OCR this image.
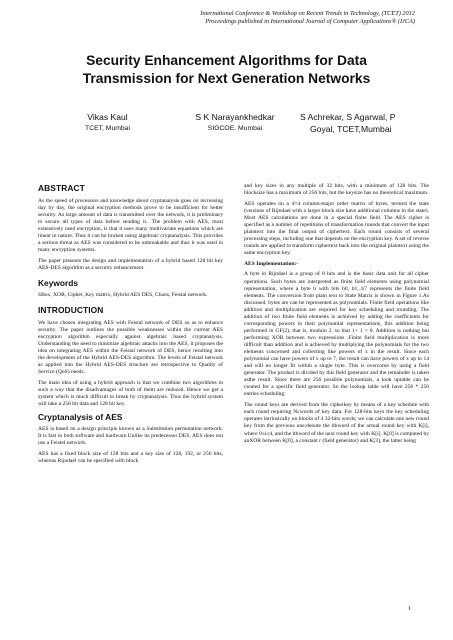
International Conference & Workshop on Recent Trends in Technology, (TCET) 2012
Proceedings published in International Journal of Computer Applications® (IJCA)
Security Enhancement Algorithms for Data
Transmission for Next Generation Networks
Vikas Kaul
TCET, Mumbai
S K Narayankhedkar
SIGCOE. Mumbai
S Achrekar, S Agarwal, P
Goyal, TCET,Mumbai
ABSTRACT

As the speed of processors and knowledge about cryptanalysis goes on increasing day by day, the original encryption methods prove to be insufficient for better security. As large amount of data is transmitted over the network, it is preliminary to secure all types of data before sending it.. The problem with AES, most extensively used encryption, is that it uses many multivariate equations which are linear in nature. Thus it can be broken using algebraic cryptanalysis. This provides a serious threat as AES was considered to be unbreakable and thus it was used in many encryption systems.

The paper presents the design and implementation of a hybrid based 128 bit key AES-DES algorithm as a security enhancement.

Keywords

SBox, XOR, Cipher, Key matrix, Hybrid AES DES, Chaos, Feistal network.

INTRODUCTION

We have chosen integrating AES with Feistal network of DES so as to enhance security. The paper outlines the possible weaknesses within the current AES encryption algorithm especially against algebraic based cryptanalysis. Understanding the need to minimize algebraic attacks into the AES, it proposes the idea on integrating AES within the Feistal network of DES, hence resulting into the development of the Hybrid AES-DES algorithm. The levels of Feistal network as applied into the Hybrid AES-DES structure are retrospective to Quality of Service (QoS) needs.

The main idea of using a hybrid approach is that we combine two algorithms in such a way that the disadvantages of both of them are reduced. Hence we get a system which is much difficult to break by cryptanalysis. Thus the hybrid system will take a 256 bit data and 128 bit key.

Cryptanalysis of AES

AES is based on a design principle known as a Substitution permutation network. It is fast in both software and hardware.Unlike its predecessor DES, AES does not use a Feistel network.

AES has a fixed block size of 128 bits and a key size of 128, 192, or 256 bits, whereas Rijndael can be specified with block

and key sizes in any multiple of 32 bits, with a minimum of 128 bits. The blocksize has a maximum of 256 bits, but the keysize has no theoretical maximum.

AES operates on a 4×4 column-major order matrix of bytes, termed the state (versions of Rijndael with a larger block size have additional columns in the state). Most AES calculations are done in a special finite field. The AES cipher is specified as a number of repetitions of transformation rounds that convert the input plaintext into the final output of ciphertext. Each round consists of several processing steps, including one that depends on the encryption key. A set of reverse rounds are applied to transform ciphertext back into the original plaintext using the same encryption key.

AES Implementation:-

A byte in Rijndael is a group of 8 bits and is the basic data unit for all cipher operations. Such bytes are interpreted as finite field elements using polynomial representation, where a byte b with bits b0, b1,..b7 represents the finite field elements. The conversion from plain text to State Matrix is shown in Figure 1.As discussed, bytes are can be represented as polynomials. Finite field operations like addition and multiplication are required for key scheduling and rounding. The addition of two finite field elements is achieved by adding the coefficients for corresponding powers in their polynomial representations, this addition being performed in GF(2), that is, modulo 2, so that 1+ 1 = 0. Addition is nothing but performing XOR between two expressions .Finite field multiplication is more difficult than addition and is achieved by multiplying the polynomials for the two elements concerned and collecting like powers of x in the result. Since each polynomial can have powers of x up to 7, the result can have powers of x up to 14 and will no longer fit within a single byte. This is overcome by using a field generator. The product is divided by this field generator and the remainder is taken asthe result. Since there are 256 possible polynomials, a look uptable can be created for a specific field generator. So the lookup table will have 256 * 256 entries scheduling:

The round keys are derived from the cipherkey by means of a key schedule with each round requiring Ncwords of key data. For 128-bits keys the key scheduling operates intrinsically on blocks of 4 32-bits words; we can calculate one new round key from the previous one;denote the ithword of the actual round key with K[i], where 0≤i≤4, and the ithword of the next round key with K[i]. K[0] is computed by anXOR between K[0], a constant r (field generator) and K[3], the latter being

1
